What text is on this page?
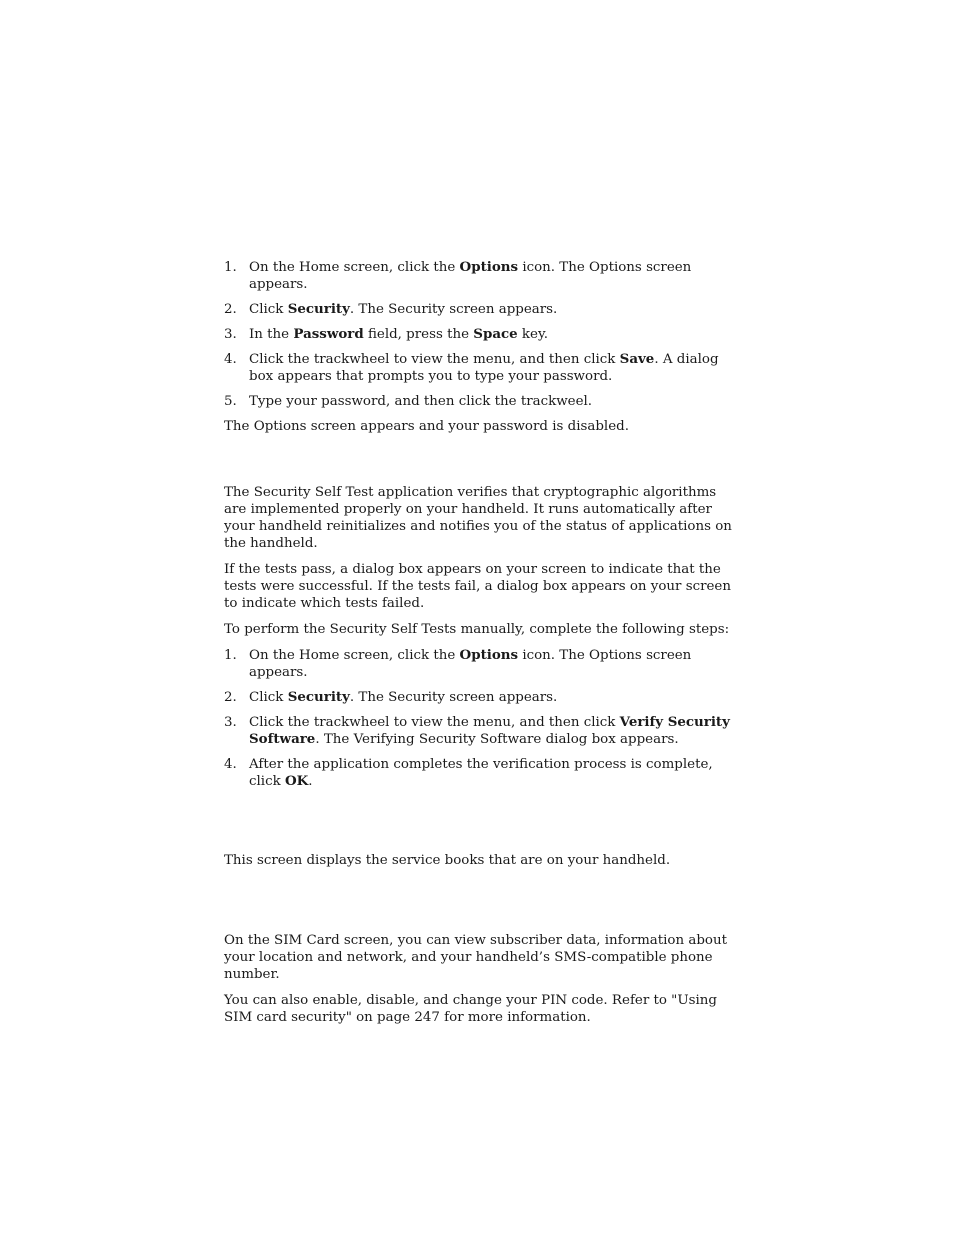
1. On the Home screen, click the Options icon. The Options screen appears.
2. Click Security. The Security screen appears.
3. In the Password field, press the Space key.
4. Click the trackwheel to view the menu, and then click Save. A dialog box appears that prompts you to type your password.
5. Type your password, and then click the trackweel.

The Options screen appears and your password is disabled.

The Security Self Test application verifies that cryptographic algorithms are implemented properly on your handheld. It runs automatically after your handheld reinitializes and notifies you of the status of applications on the handheld.

If the tests pass, a dialog box appears on your screen to indicate that the tests were successful. If the tests fail, a dialog box appears on your screen to indicate which tests failed.

To perform the Security Self Tests manually, complete the following steps:

1. On the Home screen, click the Options icon. The Options screen appears.
2. Click Security. The Security screen appears.
3. Click the trackwheel to view the menu, and then click Verify Security Software. The Verifying Security Software dialog box appears.
4. After the application completes the verification process is complete, click OK.

This screen displays the service books that are on your handheld.

On the SIM Card screen, you can view subscriber data, information about your location and network, and your handheld’s SMS-compatible phone number.

You can also enable, disable, and change your PIN code. Refer to "Using SIM card security" on page 247 for more information.
